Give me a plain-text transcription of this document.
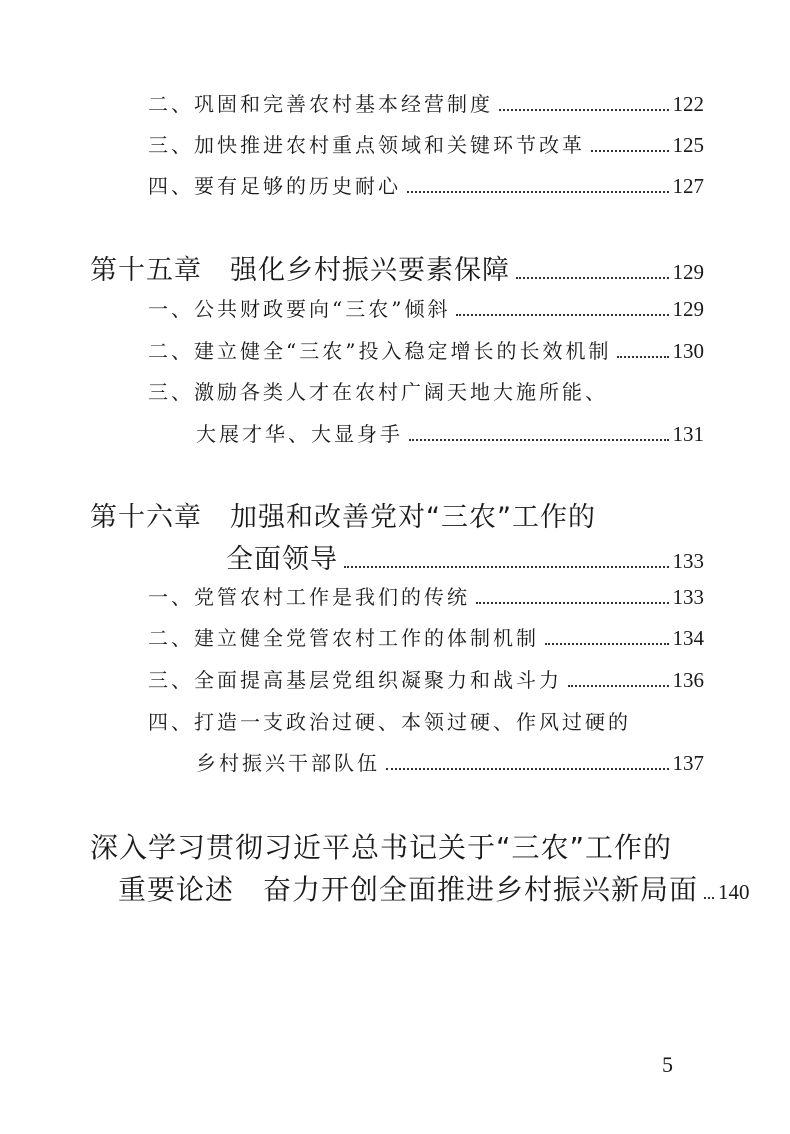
二、巩固和完善农村基本经营制度	122
三、加快推进农村重点领域和关键环节改革	125
四、要有足够的历史耐心	127
第十五章　强化乡村振兴要素保障	129
一、公共财政要向“三农”倾斜	129
二、建立健全“三农”投入稳定增长的长效机制	130
三、激励各类人才在农村广阔天地大施所能、
大展才华、大显身手	131
第十六章　加强和改善党对“三农”工作的
全面领导	133
一、党管农村工作是我们的传统	133
二、建立健全党管农村工作的体制机制	134
三、全面提高基层党组织凝聚力和战斗力	136
四、打造一支政治过硬、本领过硬、作风过硬的
乡村振兴干部队伍	137
深入学习贯彻习近平总书记关于“三农”工作的
重要论述　奋力开创全面推进乡村振兴新局面 140
5
